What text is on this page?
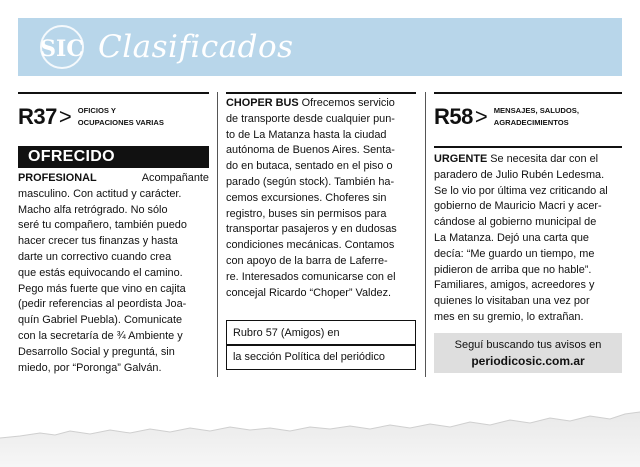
SIC Clasificados
R37 > OFICIOS Y
OCUPACIONES VARIAS
OFRECIDO
PROFESIONAL	Acompañante
masculino. Con actitud y carácter.
Macho alfa retrógrado. No sólo
seré tu compañero, también puedo
hacer crecer tus finanzas y hasta
darte un correctivo cuando crea
que estás equivocando el camino.
Pego más fuerte que vino en cajita
(pedir referencias al peordista Joa-
quín Gabriel Puebla). Comunicate
con la secretaría de ¾ Ambiente y
Desarrollo Social y preguntá, sin
miedo, por “Poronga” Galván.
CHOPER BUS Ofrecemos servicio
de transporte desde cualquier pun-
to de La Matanza hasta la ciudad
autónoma de Buenos Aires. Senta-
do en butaca, sentado en el piso o
parado (según stock). También ha-
cemos excursiones. Choferes sin
registro, buses sin permisos para
transportar pasajeros y en dudosas
condiciones mecánicas. Contamos
con apoyo de la barra de Laferre-
re. Interesados comunicarse con el
concejal Ricardo “Choper” Valdez.
Rubro 57 (Amigos) en
la sección Política del periódico
R58 > MENSAJES, SALUDOS,
AGRADECIMIENTOS
URGENTE Se necesita dar con el
paradero de Julio Rubén Ledesma.
Se lo vio por última vez criticando al
gobierno de Mauricio Macri y acer-
cándose al gobierno municipal de
La Matanza. Dejó una carta que
decía: “Me guardo un tiempo, me
pidieron de arriba que no hable”.
Familiares, amigos, acreedores y
quienes lo visitaban una vez por
mes en su gremio, lo extrañan.
Seguí buscando tus avisos en
periodicosic.com.ar
